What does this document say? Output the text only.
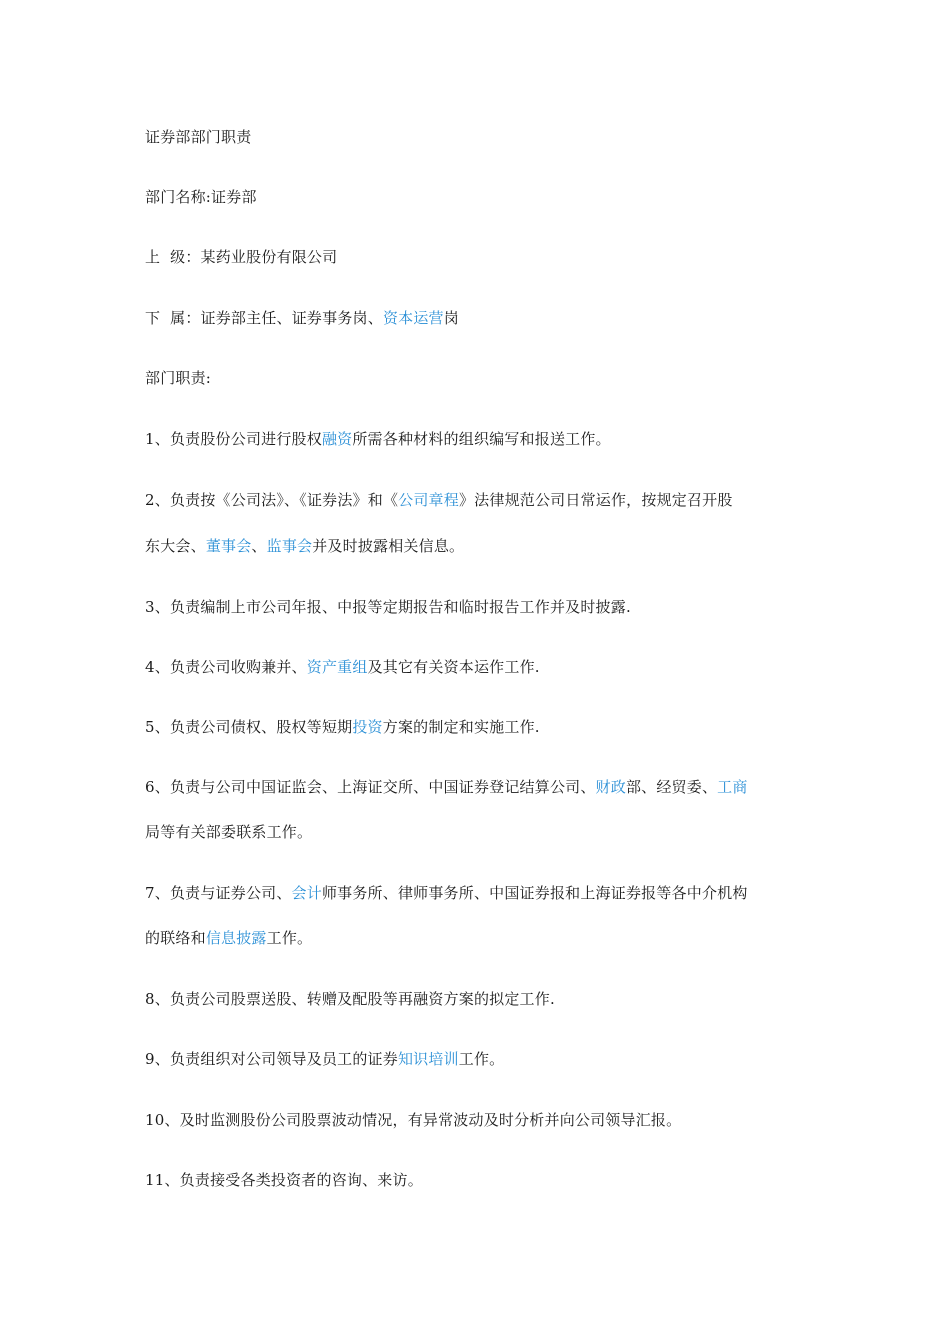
证券部部门职责
部门名称:证券部
上  级：某药业股份有限公司
下  属：证券部主任、证券事务岗、资本运营岗
部门职责:
1、负责股份公司进行股权融资所需各种材料的组织编写和报送工作。
2、负责按《公司法》、《证券法》和《公司章程》法律规范公司日常运作，按规定召开股
东大会、董事会、监事会并及时披露相关信息。
3、负责编制上市公司年报、中报等定期报告和临时报告工作并及时披露.
4、负责公司收购兼并、资产重组及其它有关资本运作工作.
5、负责公司债权、股权等短期投资方案的制定和实施工作.
6、负责与公司中国证监会、上海证交所、中国证券登记结算公司、财政部、经贸委、工商
局等有关部委联系工作。
7、负责与证券公司、会计师事务所、律师事务所、中国证券报和上海证券报等各中介机构
的联络和信息披露工作。
8、负责公司股票送股、转赠及配股等再融资方案的拟定工作.
9、负责组织对公司领导及员工的证券知识培训工作。
10、及时监测股份公司股票波动情况，有异常波动及时分析并向公司领导汇报。
11、负责接受各类投资者的咨询、来访。
